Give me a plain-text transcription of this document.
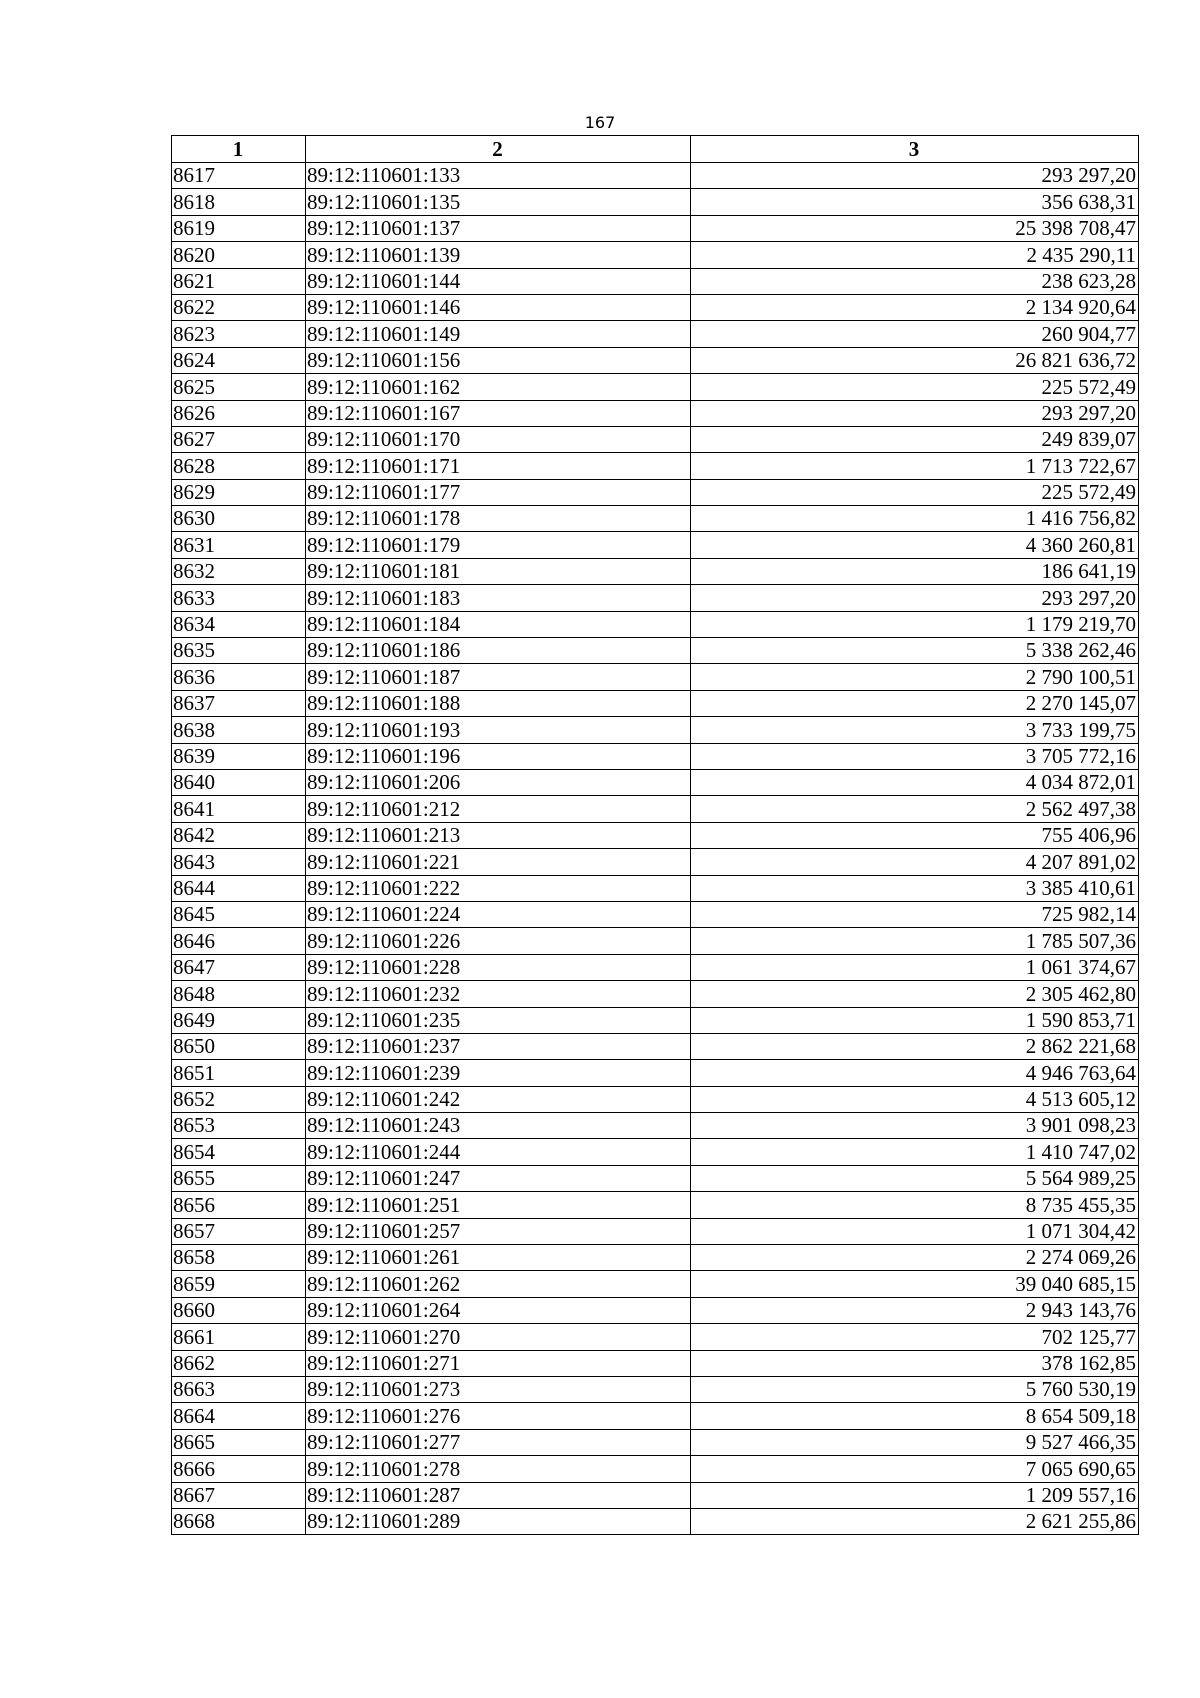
167
1	2	3
8617	89:12:110601:133	293 297,20
8618	89:12:110601:135	356 638,31
8619	89:12:110601:137	25 398 708,47
8620	89:12:110601:139	2 435 290,11
8621	89:12:110601:144	238 623,28
8622	89:12:110601:146	2 134 920,64
8623	89:12:110601:149	260 904,77
8624	89:12:110601:156	26 821 636,72
8625	89:12:110601:162	225 572,49
8626	89:12:110601:167	293 297,20
8627	89:12:110601:170	249 839,07
8628	89:12:110601:171	1 713 722,67
8629	89:12:110601:177	225 572,49
8630	89:12:110601:178	1 416 756,82
8631	89:12:110601:179	4 360 260,81
8632	89:12:110601:181	186 641,19
8633	89:12:110601:183	293 297,20
8634	89:12:110601:184	1 179 219,70
8635	89:12:110601:186	5 338 262,46
8636	89:12:110601:187	2 790 100,51
8637	89:12:110601:188	2 270 145,07
8638	89:12:110601:193	3 733 199,75
8639	89:12:110601:196	3 705 772,16
8640	89:12:110601:206	4 034 872,01
8641	89:12:110601:212	2 562 497,38
8642	89:12:110601:213	755 406,96
8643	89:12:110601:221	4 207 891,02
8644	89:12:110601:222	3 385 410,61
8645	89:12:110601:224	725 982,14
8646	89:12:110601:226	1 785 507,36
8647	89:12:110601:228	1 061 374,67
8648	89:12:110601:232	2 305 462,80
8649	89:12:110601:235	1 590 853,71
8650	89:12:110601:237	2 862 221,68
8651	89:12:110601:239	4 946 763,64
8652	89:12:110601:242	4 513 605,12
8653	89:12:110601:243	3 901 098,23
8654	89:12:110601:244	1 410 747,02
8655	89:12:110601:247	5 564 989,25
8656	89:12:110601:251	8 735 455,35
8657	89:12:110601:257	1 071 304,42
8658	89:12:110601:261	2 274 069,26
8659	89:12:110601:262	39 040 685,15
8660	89:12:110601:264	2 943 143,76
8661	89:12:110601:270	702 125,77
8662	89:12:110601:271	378 162,85
8663	89:12:110601:273	5 760 530,19
8664	89:12:110601:276	8 654 509,18
8665	89:12:110601:277	9 527 466,35
8666	89:12:110601:278	7 065 690,65
8667	89:12:110601:287	1 209 557,16
8668	89:12:110601:289	2 621 255,86
